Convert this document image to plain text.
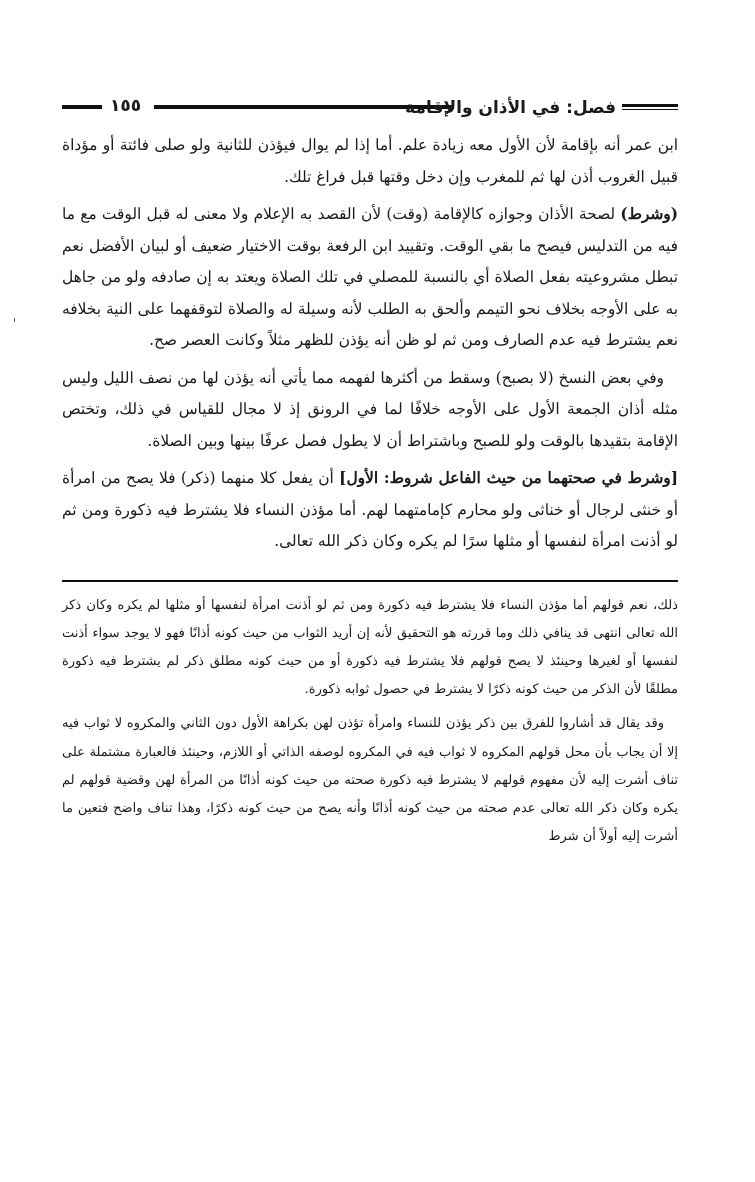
١٥٥	فصل: في الأذان والإقامة

ابن عمر أنه بإقامة لأن الأول معه زيادة علم. أما إذا لم يوال فيؤذن للثانية ولو صلى فائتة أو مؤداة قبيل الغروب أذن لها ثم للمغرب وإن دخل وقتها قبل فراغ تلك.

(وشرط) لصحة الأذان وجوازه كالإقامة (وقت) لأن القصد به الإعلام ولا معنى له قبل الوقت مع ما فيه من التدليس فيصح ما بقي الوقت. وتقييد ابن الرفعة بوقت الاختيار ضعيف أو لبيان الأفضل نعم تبطل مشروعيته بفعل الصلاة أي بالنسبة للمصلي في تلك الصلاة ويعتد به إن صادفه ولو من جاهل به على الأوجه بخلاف نحو التيمم وألحق به الطلب لأنه وسيلة له والصلاة لتوقفهما على النية بخلافه نعم يشترط فيه عدم الصارف ومن ثم لو ظن أنه يؤذن للظهر مثلاً وكانت العصر صح.

وفي بعض النسخ (لا بصبح) وسقط من أكثرها لفهمه مما يأتي أنه يؤذن لها من نصف الليل وليس مثله أذان الجمعة الأول على الأوجه خلافًا لما في الرونق إذ لا مجال للقياس في ذلك، وتختص الإقامة بتقيدها بالوقت ولو للصبح وباشتراط أن لا يطول فصل عرفًا بينها وبين الصلاة.

[وشرط في صحتهما من حيث الفاعل شروط: الأول] أن يفعل كلا منهما (ذكر) فلا يصح من امرأة أو خنثى لرجال أو خناثى ولو محارم كإمامتهما لهم. أما مؤذن النساء فلا يشترط فيه ذكورة ومن ثم لو أذنت امرأة لنفسها أو مثلها سرًا لم يكره وكان ذكر الله تعالى.

ذلك، نعم قولهم أما مؤذن النساء فلا يشترط فيه ذكورة ومن ثم لو أذنت امرأة لنفسها أو مثلها لم يكره وكان ذكر الله تعالى انتهى قد ينافي ذلك وما قررته هو التحقيق لأنه إن أريد الثواب من حيث كونه أذانًا فهو لا يوجد سواء أذنت لنفسها أو لغيرها وحينئذ لا يصح قولهم فلا يشترط فيه ذكورة أو من حيث كونه مطلق ذكر لم يشترط فيه ذكورة مطلقًا لأن الذكر من حيث كونه ذكرًا لا يشترط في حصول ثوابه ذكورة.

وقد يقال قد أشاروا للفرق بين ذكر يؤذن للنساء وامرأة تؤذن لهن بكراهة الأول دون الثاني والمكروه لا ثواب فيه إلا أن يجاب بأن محل قولهم المكروه لا ثواب فيه في المكروه لوصفه الذاتي أو اللازم، وحينئذ فالعبارة مشتملة على تناف أشرت إليه لأن مفهوم قولهم لا يشترط فيه ذكورة صحته من حيث كونه أذانًا من المرأة لهن وقضية قولهم لم يكره وكان ذكر الله تعالى عدم صحته من حيث كونه أذانًا وأنه يصح من حيث كونه ذكرًا، وهذا تناف واضح فتعين ما أشرت إليه أولاً أن شرط
